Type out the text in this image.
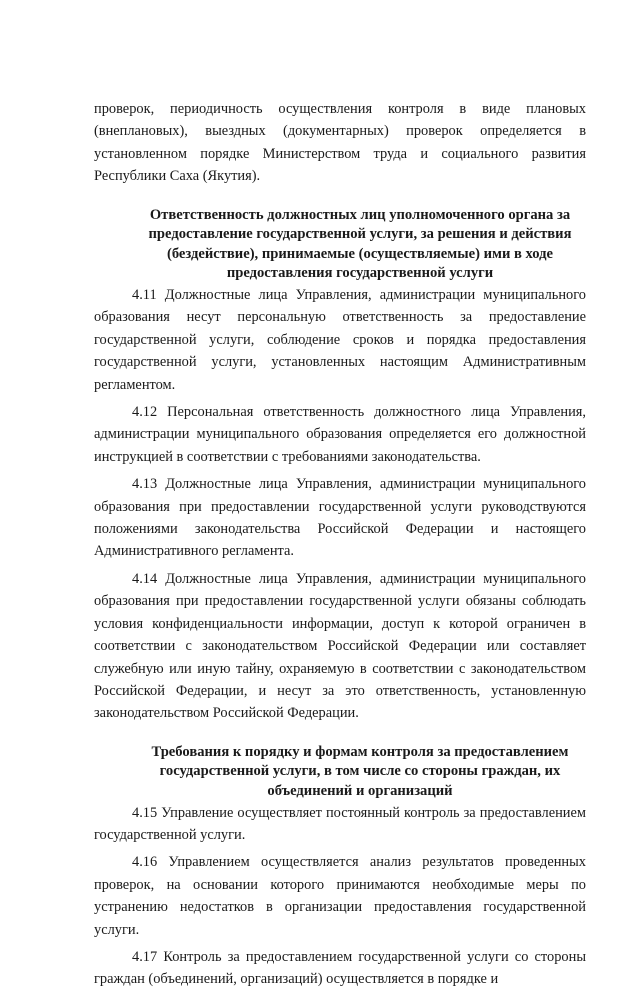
проверок, периодичность осуществления контроля в виде плановых (внеплановых), выездных (документарных) проверок определяется в установленном порядке Министерством труда и социального развития Республики Саха (Якутия).

Ответственность должностных лиц уполномоченного органа за предоставление государственной услуги, за решения и действия (бездействие), принимаемые (осуществляемые) ими в ходе предоставления государственной услуги

4.11 Должностные лица Управления, администрации муниципального образования несут персональную ответственность за предоставление государственной услуги, соблюдение сроков и порядка предоставления государственной услуги, установленных настоящим Административным регламентом.

4.12 Персональная ответственность должностного лица Управления, администрации муниципального образования определяется его должностной инструкцией в соответствии с требованиями законодательства.

4.13 Должностные лица Управления, администрации муниципального образования при предоставлении государственной услуги руководствуются положениями законодательства Российской Федерации и настоящего Административного регламента.

4.14 Должностные лица Управления, администрации муниципального образования при предоставлении государственной услуги обязаны соблюдать условия конфиденциальности информации, доступ к которой ограничен в соответствии с законодательством Российской Федерации или составляет служебную или иную тайну, охраняемую в соответствии с законодательством Российской Федерации, и несут за это ответственность, установленную законодательством Российской Федерации.

Требования к порядку и формам контроля за предоставлением государственной услуги, в том числе со стороны граждан, их объединений и организаций

4.15 Управление осуществляет постоянный контроль за предоставлением государственной услуги.

4.16 Управлением осуществляется анализ результатов проведенных проверок, на основании которого принимаются необходимые меры по устранению недостатков в организации предоставления государственной услуги.

4.17 Контроль за предоставлением государственной услуги со стороны граждан (объединений, организаций) осуществляется в порядке и
